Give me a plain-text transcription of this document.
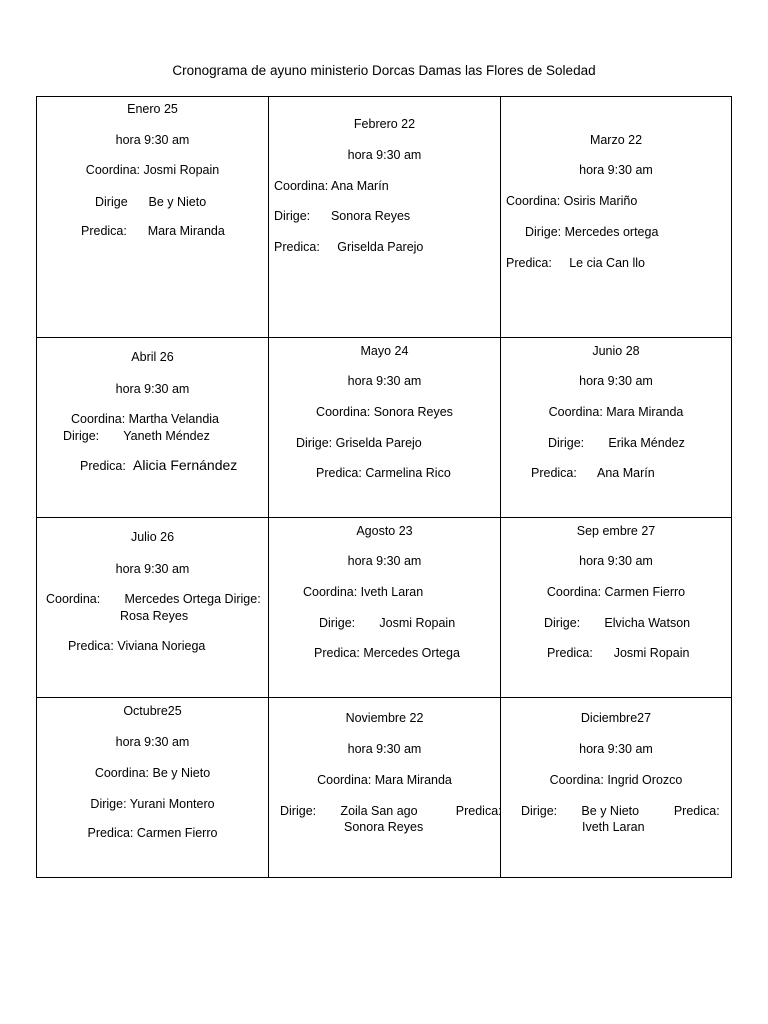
Cronograma de ayuno ministerio Dorcas Damas las Flores de Soledad
Enero 25
hora 9:30 am
Coordina: Josmi Ropain
Dirige      Be y Nieto
Predica:      Mara Miranda
Febrero 22
hora 9:30 am
Coordina: Ana Marín
Dirige:      Sonora Reyes
Predica:     Griselda Parejo
Marzo 22
hora 9:30 am
Coordina: Osiris Mariño
Dirige: Mercedes ortega
Predica:     Le cia Can llo
Abril 26
hora 9:30 am
Coordina: Martha Velandia
Dirige:       Yaneth Méndez
Predica: Alicia Fernández
Mayo 24
hora 9:30 am
Coordina: Sonora Reyes
Dirige: Griselda Parejo
Predica: Carmelina Rico
Junio 28
hora 9:30 am
Coordina: Mara Miranda
Dirige:       Erika Méndez
Predica:      Ana Marín
Julio 26
hora 9:30 am
Coordina:       Mercedes Ortega Dirige:
Rosa Reyes
Predica: Viviana Noriega
Agosto 23
hora 9:30 am
Coordina: Iveth Laran
Dirige:       Josmi Ropain
Predica: Mercedes Ortega
Sep embre 27
hora 9:30 am
Coordina: Carmen Fierro
Dirige:       Elvicha Watson
Predica:      Josmi Ropain
Octubre25
hora 9:30 am
Coordina: Be y Nieto
Dirige: Yurani Montero
Predica: Carmen Fierro
Noviembre 22
hora 9:30 am
Coordina: Mara Miranda
Dirige:       Zoila San ago           Predica:
Sonora Reyes
Diciembre27
hora 9:30 am
Coordina: Ingrid Orozco
Dirige:       Be y Nieto          Predica:
Iveth Laran
